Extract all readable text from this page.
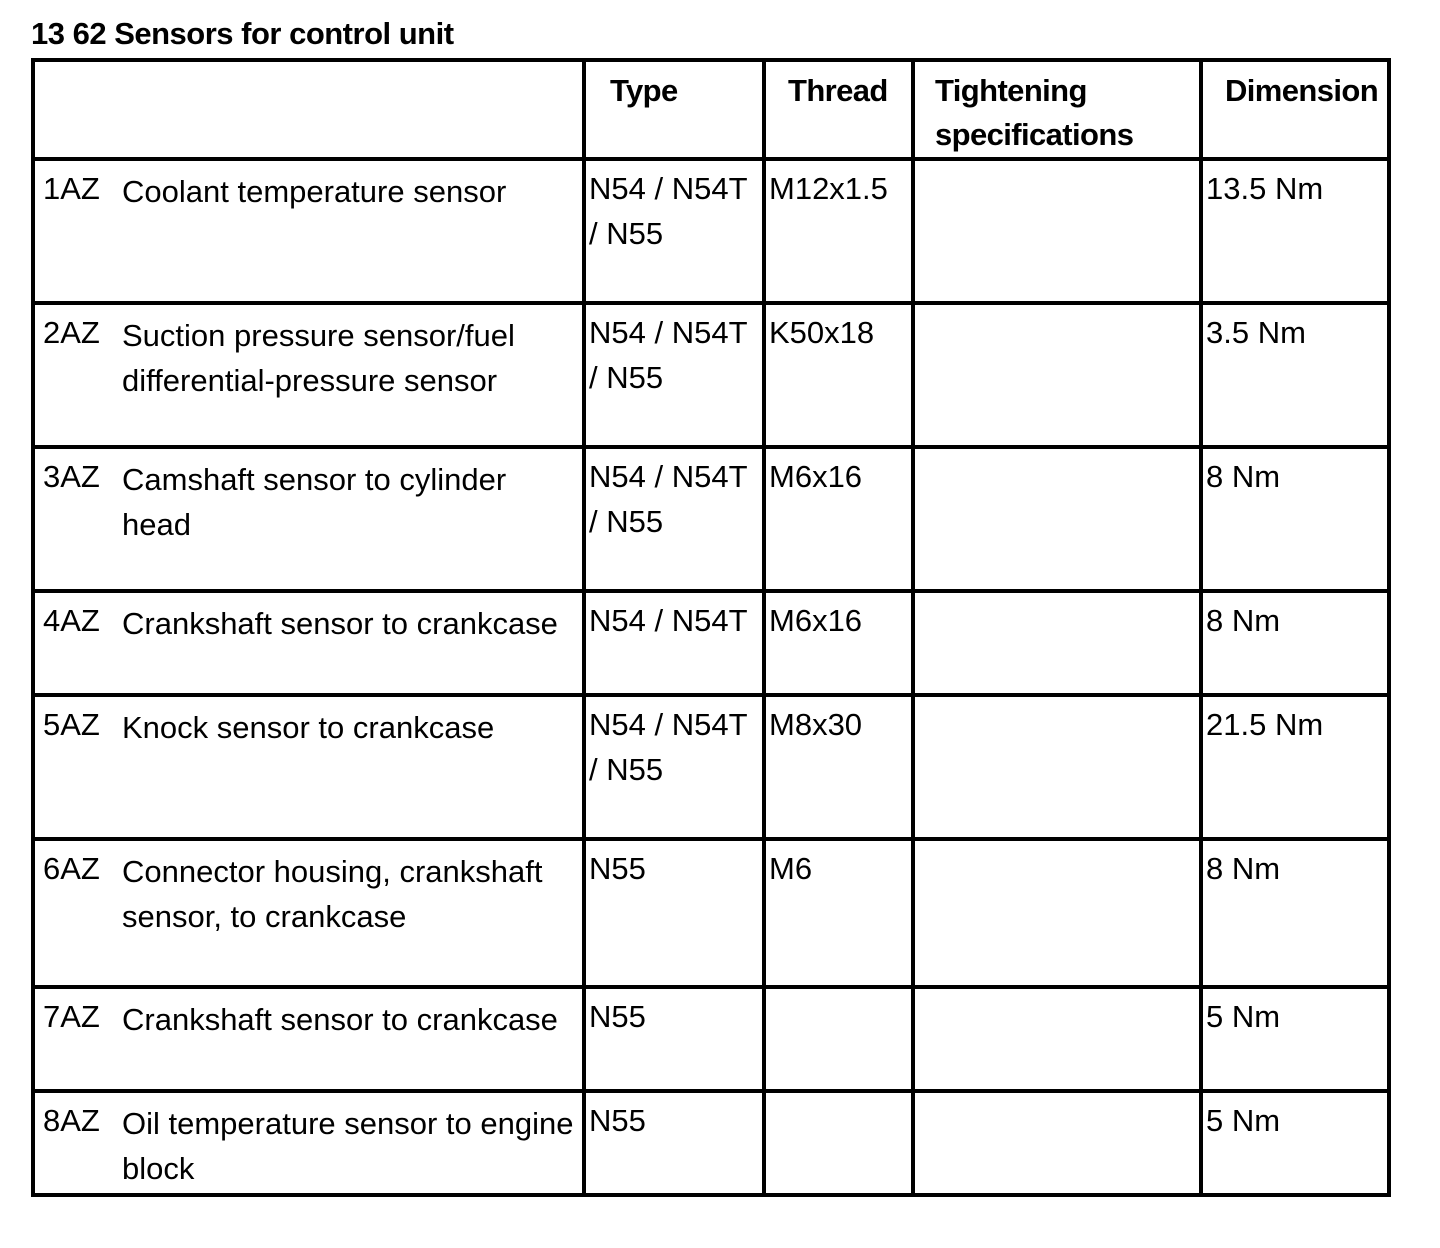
13 62 Sensors for control unit

	Type	Thread	Tightening specifications	Dimension

1AZ Coolant temperature sensor	N54 / N54T / N55	M12x1.5		13.5 Nm

2AZ Suction pressure sensor/fuel differential-pressure sensor	N54 / N54T / N55	K50x18		3.5 Nm

3AZ Camshaft sensor to cylinder head	N54 / N54T / N55	M6x16		8 Nm

4AZ Crankshaft sensor to crankcase	N54 / N54T	M6x16		8 Nm

5AZ Knock sensor to crankcase	N54 / N54T / N55	M8x30		21.5 Nm

6AZ Connector housing, crankshaft sensor, to crankcase	N55	M6		8 Nm

7AZ Crankshaft sensor to crankcase	N55			5 Nm

8AZ Oil temperature sensor to engine block	N55			5 Nm
